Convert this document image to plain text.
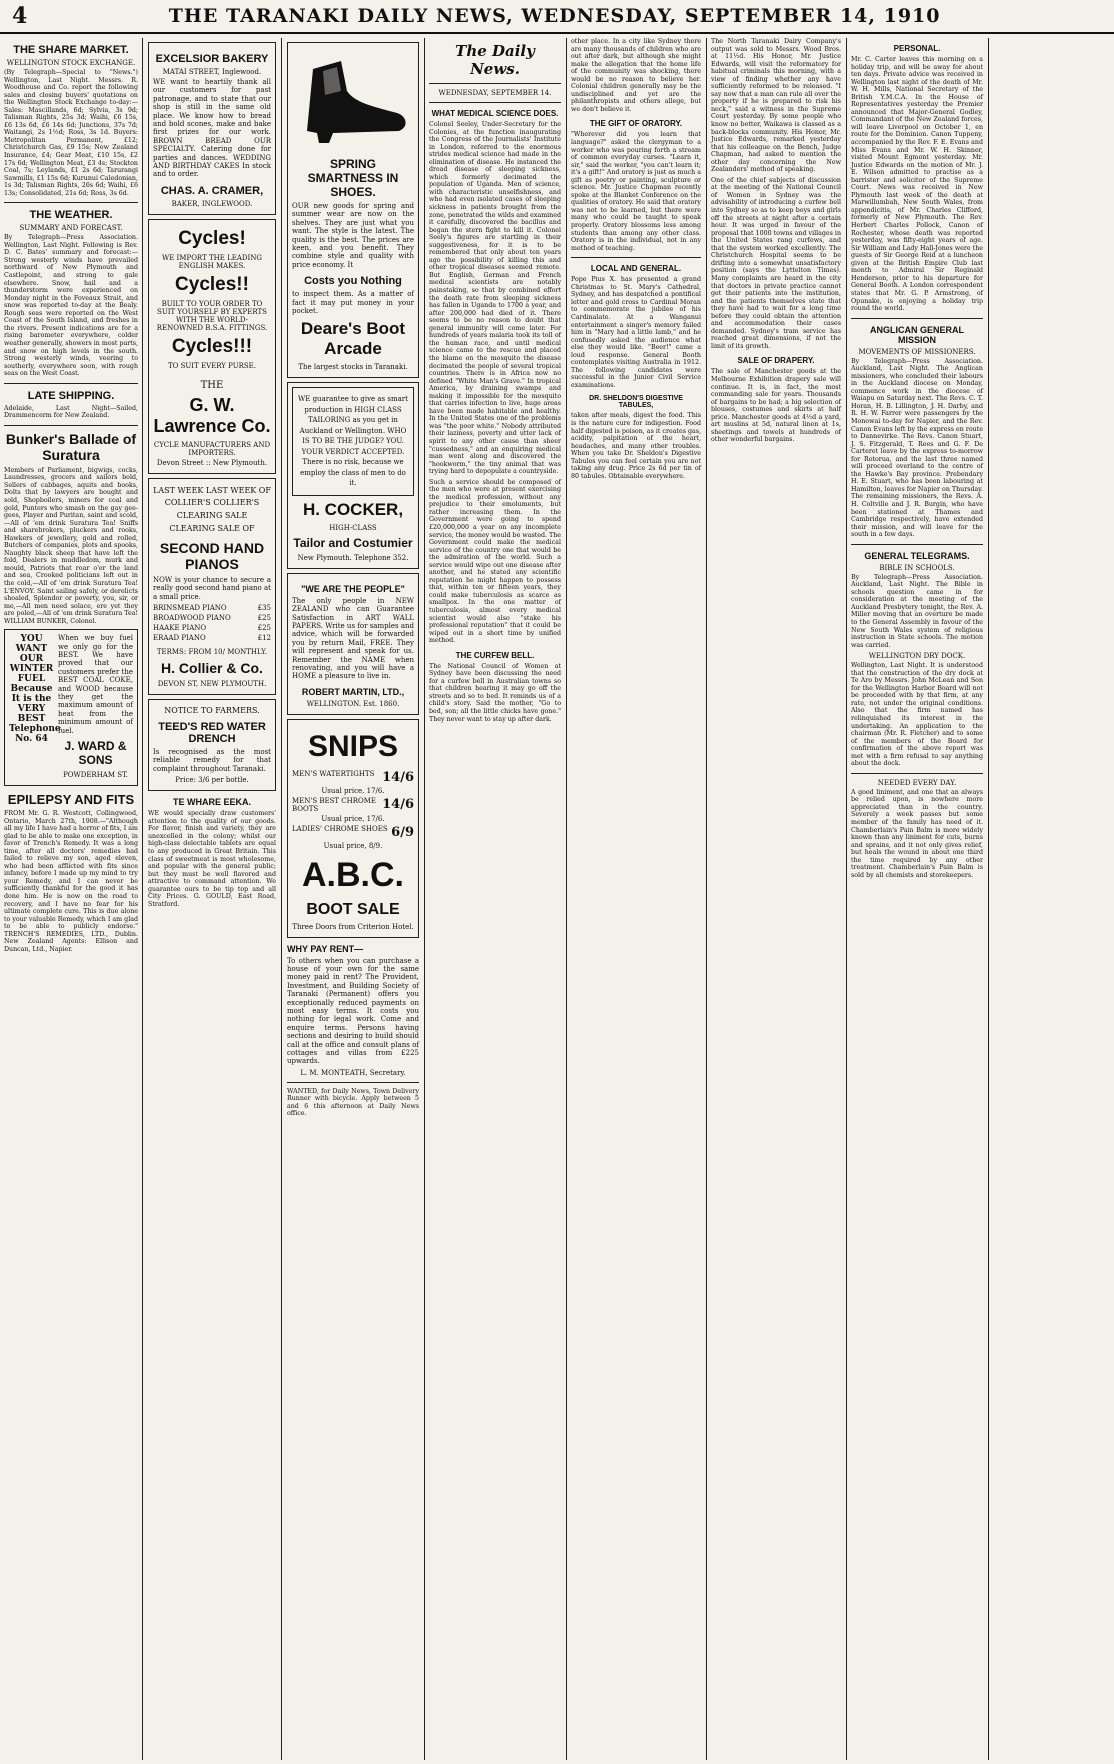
4	THE TARANAKI DAILY NEWS, WEDNESDAY, SEPTEMBER 14, 1910
THE SHARE MARKET.
WELLINGTON STOCK EXCHANGE.

(By Telegraph—Special to "News.") Wellington, Last Night. Messrs. R. Woodhouse and Co. report the following sales and closing buyers' quotations on the Wellington Stock Exchange to-day:—Sales: Mascillands, 6d; Sylvia, 3s 9d; Talisman Rights, 25s 3d; Waihi, £6 15s, £6 13s 6d, £6 14s 6d; Junctions, 37s 7d; Waitangi, 2s 1½d; Ross, 3s 1d. Buyers: Metropolitan Permanent, £12; Christchurch Gas, £9 15s; New Zealand Insurance, £4; Gear Meat, £10 15s, £2 17s 6d; Wellington Meat, £3 4s; Stockton Coal, 7s; Leylands, £1 2s 6d; Tarurangi Sawmills, £1 15s 6d; Kurunui Caledonian, 1s 3d; Talisman Rights, 26s 6d; Waihi, £6 13s; Consolidated, 21s 6d; Ross, 3s 6d.

THE WEATHER.
SUMMARY AND FORECAST.

By Telegraph—Press Association. Wellington, Last Night. Following is Rev. D. C. Bates' summary and forecast:—Strong westerly winds have prevailed northward of New Plymouth and Castlepoint, and strong to gale elsewhere. Snow, hail and a thunderstorm were experienced on Monday night in the Foveaux Strait, and snow was reported to-day at the Bealy. Rough seas were reported on the West Coast of the South Island, and freshes in the rivers. Present indications are for a rising barometer everywhere, colder weather generally, showers in most parts, and snow on high levels in the south. Strong westerly winds, veering to southerly, everywhere soon, with rough seas on the West Coast.

LATE SHIPPING.

Adelaide, Last Night—Sailed, Drammencerm for New Zealand.

Bunker's Ballade of Suratura

Members of Parliament, bigwigs, cocks, Laundresses, grocers and sailors bold, Sellers of cabbages, aquits and books, Dolts that by lawyers are bought and sold, Shopboilers, miners for coal and gold, Punters who smash on the gay gee-gees, Player and Puritan, saint and scold,—All of 'em drink Suratura Tea! Sniffs and sharebrokers, pluckers and rooks, Hawkers of jewellery, gold and rolled, Butchers of companies, plots and spooks, Naughty black sheep that have left the fold, Dealers in muddledom, murk and mould, Patriots that roar o'er the land and sea, Crooked politicians left out in the cold,—All of 'em drink Suratura Tea! L'ENVOY. Saint sailing safely, or derelicts shoaled, Splendor or poverty, you, sir, or me,—All men need solace, ere yet they are poled,—All of 'em drink Suratura Tea! WILLIAM BUNKER, Colonel.

YOU WANT OUR WINTER FUEL Because It is the VERY BEST Telephone No. 64

When we buy fuel we only go for the BEST. We have proved that our customers prefer the BEST COAL COKE, and WOOD because they get the maximum amount of heat from the minimum amount of fuel.

J. WARD & SONS
POWDERHAM ST.
EPILEPSY AND FITS

FROM Mr. G. R. Westcott, Collingwood, Ontario, March 27th, 1908.—"Although all my life I have had a horror of fits, I am glad to be able to make one exception, in favor of Trench's Remedy. It was a long time, after all doctors' remedies had failed to relieve my son, aged eleven, who had been afflicted with fits since infancy, before I made up my mind to try your Remedy, and I can never be sufficiently thankful for the good it has done him. He is now on the road to recovery, and I have no fear for his ultimate complete cure. This is due alone to your valuable Remedy, which I am glad to be able to publicly endorse." TRENCH'S REMEDIES, LTD., Dublin. New Zealand Agents: Ellison and Duncan, Ltd., Napier.

EXCELSIOR BAKERY
MATAI STREET, Inglewood.

WE want to heartily thank all our customers for past patronage, and to state that our shop is still in the same old place. We know how to bread and bold scones, make and bake first prizes for our work. BROWN BREAD OUR SPECIALTY. Catering done for parties and dances. WEDDING AND BIRTHDAY CAKES In stock and to order.

CHAS. A. CRAMER,
BAKER, INGLEWOOD.
Cycles!
WE IMPORT THE LEADING ENGLISH MAKES.
Cycles!!
BUILT TO YOUR ORDER TO SUIT YOURSELF BY EXPERTS WITH THE WORLD-RENOWNED B.S.A. FITTINGS.
Cycles!!!
TO SUIT EVERY PURSE.
THE
G. W. Lawrence Co.
CYCLE MANUFACTURERS AND IMPORTERS.
Devon Street :: New Plymouth.
LAST WEEK LAST WEEK OF COLLIER'S COLLIER'S CLEARING SALE CLEARING SALE OF
SECOND HAND PIANOS

NOW is your chance to secure a really good second hand piano at a small price.

BRINSMEAD PIANO	£35
BROADWOOD PIANO	£25
HAAKE PIANO	£25
ERAAD PIANO	£12
TERMS: FROM 10/ MONTHLY.
H. Collier & Co.
DEVON ST, NEW PLYMOUTH.
NOTICE TO FARMERS.
TEED'S RED WATER DRENCH

Is recognised as the most reliable remedy for that complaint throughout Taranaki.

Price: 3/6 per bottle.
TE WHARE EEKA.

WE would specially draw customers' attention to the quality of our goods. For flavor, finish and variety, they are unexcelled in the colony; whilst our high-class delectable tablets are equal to any produced in Great Britain. This class of sweetmeat is most wholesome, and popular with the general public; but they must be well flavored and attractive to command attention. We guarantee ours to be tip top and all City Prices. G. GOULD, East Road, Stratford.

SPRING SMARTNESS IN SHOES.

OUR new goods for spring and summer wear are now on the shelves. They are just what you want. The style is the latest. The quality is the best. The prices are keen, and you benefit. They combine style and quality with price economy. It

Costs you Nothing

to inspect them. As a matter of fact it may put money in your pocket.

Deare's Boot Arcade
The largest stocks in Taranaki.

WE guarantee to give as smart production in HIGH CLASS TAILORING as you get in Auckland or Wellington. WHO IS TO BE THE JUDGE? YOU. YOUR VERDICT ACCEPTED. There is no risk, because we employ the class of men to do it.

H. COCKER,
HIGH-CLASS
Tailor and Costumier
New Plymouth. Telephone 352.
"WE ARE THE PEOPLE"

The only people in NEW ZEALAND who can Guarantee Satisfaction in ART WALL PAPERS. Write us for samples and advice, which will be forwarded you by return Mail, FREE. They will represent and speak for us. Remember the NAME when renovating, and you will have a HOME a pleasure to live in.

ROBERT MARTIN, LTD.,
WELLINGTON. Est. 1860.
SNIPS
MEN'S WATERTIGHTS 14/6
Usual price, 17/6.
MEN'S BEST CHROME BOOTS	14/6
Usual price, 17/6.
LADIES' CHROME SHOES 6/9
Usual price, 8/9.
A.B.C.
BOOT SALE
Three Doors from Criterion Hotel.
WHY PAY RENT—

To others when you can purchase a house of your own for the same money paid in rent? The Provident, Investment, and Building Society of Taranaki (Permanent) offers you exceptionally reduced payments on most easy terms. It costs you nothing for legal work. Come and enquire terms. Persons having sections and desiring to build should call at the office and consult plans of cottages and villas from £225 upwards.

L. M. MONTEATH, Secretary.

WANTED, for Daily News, Town Delivery Runner with bicycle. Apply between 5 and 6 this afternoon at Daily News office.

The Daily News.
WEDNESDAY, SEPTEMBER 14.
WHAT MEDICAL SCIENCE DOES.

Colonel Seeley, Under-Secretary for the Colonies, at the function inaugurating the Congress of the Journalists' Institute in London, referred to the enormous strides medical science had made in the elimination of disease. He instanced the dread disease of sleeping sickness, which formerly decimated the population of Uganda. Men of science, with characteristic unselfishness, and who had even isolated cases of sleeping sickness in patients brought from the zone, penetrated the wilds and examined it carefully, discovered the bacillus and began the stern fight to kill it. Colonel Seely's figures are startling in their suggestiveness, for it is to be remembered that only about ten years ago the possibility of killing this and other tropical diseases seemed remote. But English, German and French medical scientists are notably painstaking, so that by combined effort the death rate from sleeping sickness has fallen in Uganda to 1700 a year, and after 200,000 had died of it. There seems to be no reason to doubt that general immunity will come later. For hundreds of years malaria took its toll of the human race, and until medical science came to the rescue and placed the blame on the mosquito the disease decimated the people of several tropical countries. There is in Africa now no defined "White Man's Grave." In tropical America, by draining swamps and making it impossible for the mosquito that carries infection to live, huge areas have been made habitable and healthy. In the United States one of the problems was "the poor white." Nobody attributed their laziness, poverty and utter lack of spirit to any other cause than sheer "cussedness," and an enquiring medical man went along and discovered the "hookworm," the tiny animal that was trying hard to depopulate a countryside.

Such a service should be composed of the men who were at present exercising the medical profession, without any prejudice to their emoluments, but rather increasing them. In the Government were going to spend £20,000,000 a year on any incomplete service, the money would be wasted. The Government could make the medical service of the country one that would be the admiration of the world. Such a service would wipe out one disease after another, and he stated any scientific reputation he might happen to possess that, within ten or fifteen years, they could make tuberculosis as scarce as smallpox. In the one matter of tuberculosis, almost every medical scientist would also "stake his professional reputation" that it could be wiped out in a short time by unified method.

THE CURFEW BELL.

The National Council of Women at Sydney have been discussing the need for a curfew bell in Australian towns so that children hearing it may go off the streets and so to bed. It reminds us of a child's story. Said the mother, "Go to bed, son; all the little chicks have gone." They never want to stay up after dark.

other place. In a city like Sydney there are many thousands of children who are out after dark, but although she might make the allegation that the home life of the community was shocking, there would be no reason to believe her. Colonial children generally may be the undisciplined and yet are the philanthropists and others allege, but we don't believe it.

THE GIFT OF ORATORY.

"Wherever did you learn that language?" asked the clergyman to a worker who was pouring forth a stream of common everyday curses. "Learn it, sir," said the worker, "you can't learn it; it's a gift!" And oratory is just as much a gift as poetry or painting, sculpture or science. Mr. Justice Chapman recently spoke at the Blanket Conference on the qualities of oratory. He said that oratory was not to be learned, but there were many who could be taught to speak properly. Oratory blossoms less among students than among any other class. Oratory is in the individual, not in any method of teaching.

LOCAL AND GENERAL.

Pope Pius X. has presented a grand Christmas to St. Mary's Cathedral, Sydney, and has despatched a pontifical letter and gold cross to Cardinal Moran to commemorate the jubilee of his Cardinalate. At a Wanganui entertainment a singer's memory failed him in "Mary had a little lamb," and he confusedly asked the audience what else they would like. "Beer!" came a loud response. General Booth contemplates visiting Australia in 1912. The following candidates were successful in the Junior Civil Service examinations.

DR. SHELDON'S DIGESTIVE TABULES,

taken after meals, digest the food. This is the nature cure for indigestion. Food half digested is poison, as it creates gas, acidity, palpitation of the heart, headaches, and many other troubles. When you take Dr. Sheldon's Digestive Tabules you can feel certain you are not taking any drug. Price 2s 6d per tin of 80 tabules. Obtainable everywhere.

The North Taranaki Dairy Company's output was sold to Messrs. Wood Bros. at 11½d. His Honor, Mr. Justice Edwards, will visit the reformatory for habitual criminals this morning, with a view of finding whether any have sufficiently reformed to be released. "I say now that a man can rule all over the property if he is prepared to risk his neck," said a witness in the Supreme Court yesterday. By some people who know no better, Waikawa is classed as a back-blocks community. His Honor, Mr. Justice Edwards, remarked yesterday that his colleague on the Bench, Judge Chapman, had asked to mention the other day concerning the New Zealanders' method of speaking.

One of the chief subjects of discussion at the meeting of the National Council of Women in Sydney was the advisability of introducing a curfew bell into Sydney so as to keep boys and girls off the streets at night after a certain hour. It was urged in favour of the proposal that 1000 towns and villages in the United States rang curfews, and that the system worked excellently. The Christchurch Hospital seems to be drifting into a somewhat unsatisfactory position (says the Lyttelton Times). Many complaints are heard in the city that doctors in private practice cannot get their patients into the institution, and the patients themselves state that they have had to wait for a long time before they could obtain the attention and accommodation their cases demanded. Sydney's tram service has reached great dimensions, if not the limit of its growth.

SALE OF DRAPERY.

The sale of Manchester goods at the Melbourne Exhibition drapery sale will continue. It is, in fact, the most commanding sale for years. Thousands of bargains to be had; a big selection of blouses, costumes and skirts at half price. Manchester goods at 4½d a yard, art muslins at 5d, natural linen at 1s, sheetings and towels at hundreds of other wonderful bargains.

PERSONAL.

Mr. C. Carter leaves this morning on a holiday trip, and will be away for about ten days. Private advice was received in Wellington last night of the death of Mr. W. H. Mills, National Secretary of the British Y.M.C.A. In the House of Representatives yesterday the Premier announced that Major-General Godley, Commandant of the New Zealand forces, will leave Liverpool on October 1, en route for the Dominion. Canon Tuppeny, accompanied by the Rev. F. E. Evans and Miss Evans and Mr. W. H. Skinner, visited Mount Egmont yesterday. Mr. Justice Edwards on the motion of Mr. J. E. Wilson admitted to practise as a barrister and solicitor of the Supreme Court. News was received in New Plymouth last week of the death at Marwillumbah, New South Wales, from appendicitis, of Mr. Charles Clifford, formerly of New Plymouth. The Rev. Herbert Charles Pollock, Canon of Rochester, whose death was reported yesterday, was fifty-eight years of age. Sir William and Lady Hall-Jones were the guests of Sir George Reid at a luncheon given at the British Empire Club last month to Admiral Sir Reginald Henderson, prior to his departure for General Booth. A London correspondent states that Mr. G. P. Armstrong, of Opunake, is enjoying a holiday trip round the world.

ANGLICAN GENERAL MISSION
MOVEMENTS OF MISSIONERS.

By Telegraph—Press Association. Auckland, Last Night. The Anglican missioners, who concluded their labours in the Auckland diocese on Monday, commence work in the diocese of Waiapu on Saturday next. The Revs. C. T. Horan, H. B. Lillington, J. H. Darby, and R. H. W. Farrer were passengers by the Monowai to-day for Napier, and the Rev. Canon Evans left by the express en route to Dannevirke. The Revs. Canon Stuart, J. S. Fitzgerald, T. Rees and G. F. De Carteret leave by the express to-morrow for Rotorua, and the last three named will proceed overland to the centre of the Hawke's Bay province. Prebendary H. E. Stuart, who has been labouring at Hamilton, leaves for Napier on Thursday. The remaining missioners, the Revs. A. H. Coltville and J. R. Burgin, who have been stationed at Thames and Cambridge respectively, have extended their mission, and will leave for the south in a few days.

GENERAL TELEGRAMS.
BIBLE IN SCHOOLS.

By Telegraph—Press Association. Auckland, Last Night. The Bible in schools question came in for consideration at the meeting of the Auckland Presbytery tonight, the Rev. A. Miller moving that an overture be made to the General Assembly in favour of the New South Wales system of religious instruction in State schools. The motion was carried.

WELLINGTON DRY DOCK.

Wellington, Last Night. It is understood that the construction of the dry dock at Te Aro by Messrs. John McLean and Son for the Wellington Harbor Board will not be proceeded with by that firm, at any rate, not under the original conditions. Also that the firm named has relinquished its interest in the undertaking. An application to the chairman (Mr. R. Fletcher) and to some of the members of the Board for confirmation of the above report was met with a firm refusal to say anything about the dock.

NEEDED EVERY DAY.

A good liniment, and one that an always be relied upon, is nowhere more appreciated than in the country. Severely a week passes but some member of the family has need of it. Chamberlain's Pain Balm is more widely known than any liniment for cuts, burns and sprains, and it not only gives relief, but heals the wound in about one third the time required by any other treatment. Chamberlain's Pain Balm is sold by all chemists and storekeepers.
